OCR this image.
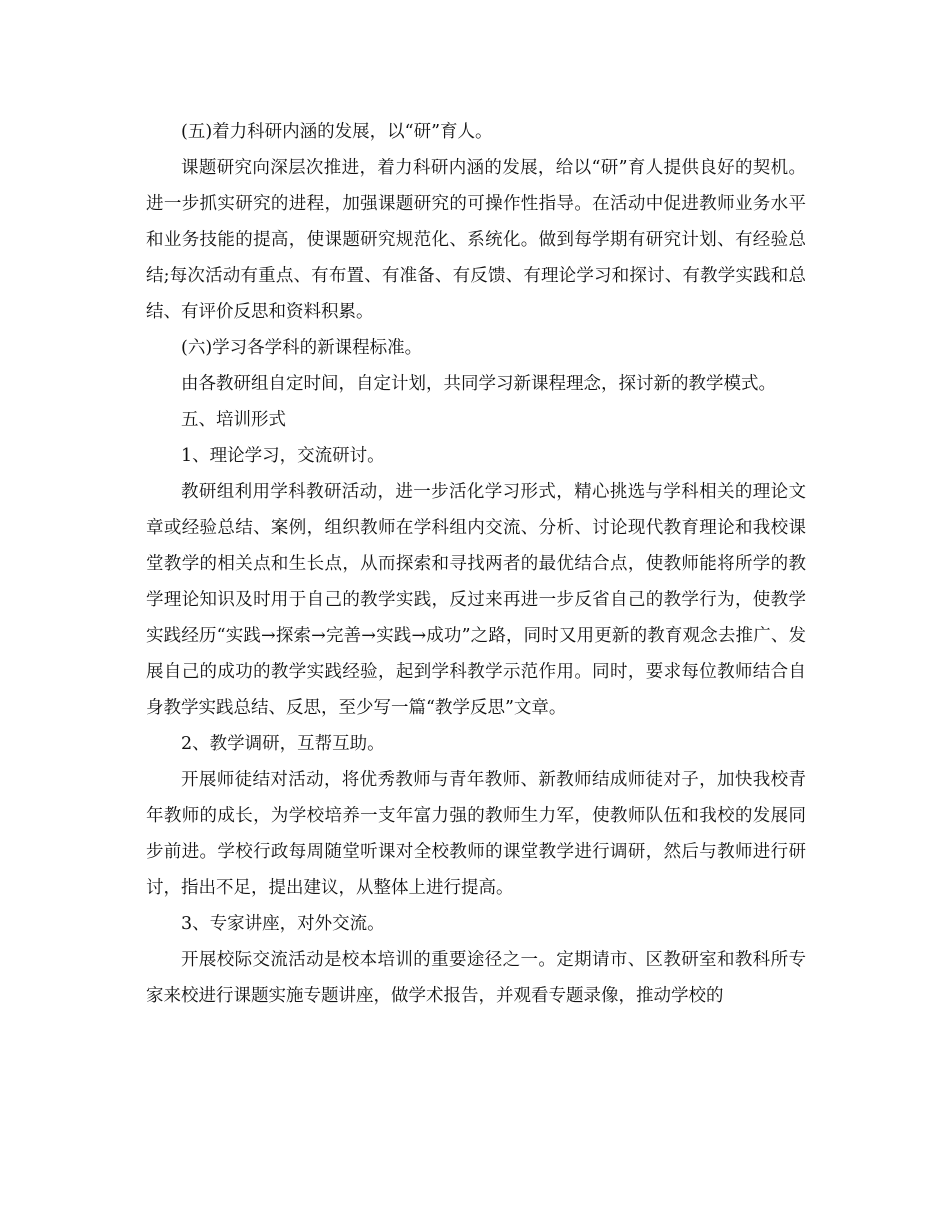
(五)着力科研内涵的发展，以“研”育人。

课题研究向深层次推进，着力科研内涵的发展，给以“研”育人提供良好的契机。进一步抓实研究的进程，加强课题研究的可操作性指导。在活动中促进教师业务水平和业务技能的提高，使课题研究规范化、系统化。做到每学期有研究计划、有经验总结;每次活动有重点、有布置、有准备、有反馈、有理论学习和探讨、有教学实践和总结、有评价反思和资料积累。

(六)学习各学科的新课程标准。

由各教研组自定时间，自定计划，共同学习新课程理念，探讨新的教学模式。

五、培训形式

1、理论学习，交流研讨。

教研组利用学科教研活动，进一步活化学习形式，精心挑选与学科相关的理论文章或经验总结、案例，组织教师在学科组内交流、分析、讨论现代教育理论和我校课堂教学的相关点和生长点，从而探索和寻找两者的最优结合点，使教师能将所学的教学理论知识及时用于自己的教学实践，反过来再进一步反省自己的教学行为，使教学实践经历“实践→探索→完善→实践→成功”之路，同时又用更新的教育观念去推广、发展自己的成功的教学实践经验，起到学科教学示范作用。同时，要求每位教师结合自身教学实践总结、反思，至少写一篇“教学反思”文章。

2、教学调研，互帮互助。

开展师徒结对活动，将优秀教师与青年教师、新教师结成师徒对子，加快我校青年教师的成长，为学校培养一支年富力强的教师生力军，使教师队伍和我校的发展同步前进。学校行政每周随堂听课对全校教师的课堂教学进行调研，然后与教师进行研讨，指出不足，提出建议，从整体上进行提高。

3、专家讲座，对外交流。

开展校际交流活动是校本培训的重要途径之一。定期请市、区教研室和教科所专家来校进行课题实施专题讲座，做学术报告，并观看专题录像，推动学校的
